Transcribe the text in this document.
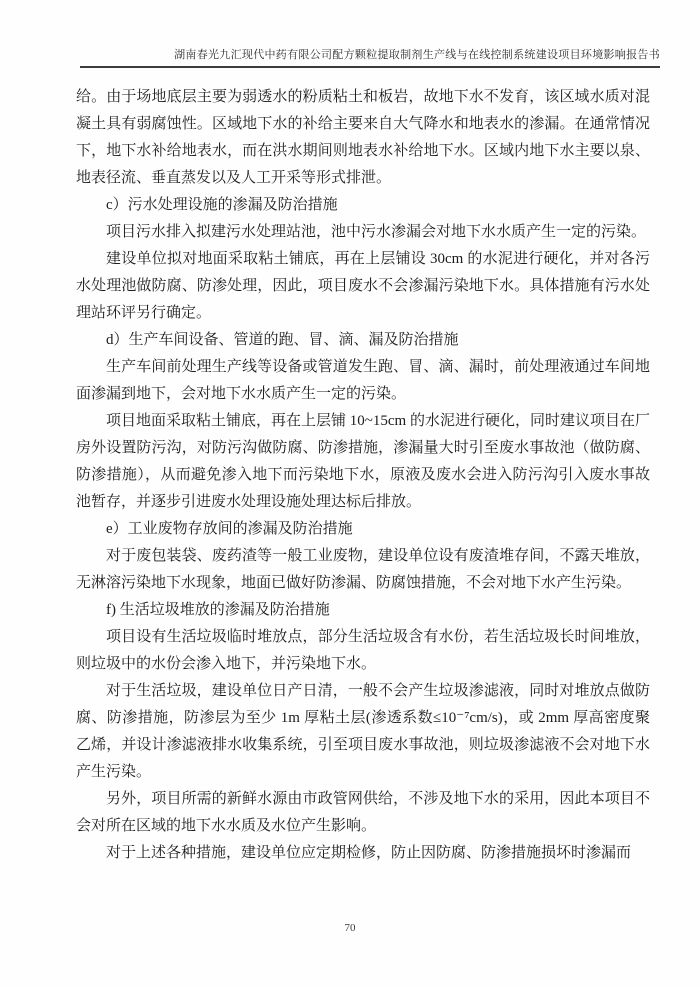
湖南春光九汇现代中药有限公司配方颗粒提取制剂生产线与在线控制系统建设项目环境影响报告书

给。由于场地底层主要为弱透水的粉质粘土和板岩，故地下水不发育，该区域水质对混凝土具有弱腐蚀性。区域地下水的补给主要来自大气降水和地表水的渗漏。在通常情况下，地下水补给地表水，而在洪水期间则地表水补给地下水。区域内地下水主要以泉、地表径流、垂直蒸发以及人工开采等形式排泄。

c）污水处理设施的渗漏及防治措施

项目污水排入拟建污水处理站池，池中污水渗漏会对地下水水质产生一定的污染。

建设单位拟对地面采取粘土铺底，再在上层铺设 30cm 的水泥进行硬化，并对各污水处理池做防腐、防渗处理，因此，项目废水不会渗漏污染地下水。具体措施有污水处理站环评另行确定。

d）生产车间设备、管道的跑、冒、滴、漏及防治措施

生产车间前处理生产线等设备或管道发生跑、冒、滴、漏时，前处理液通过车间地面渗漏到地下，会对地下水水质产生一定的污染。

项目地面采取粘土铺底，再在上层铺 10~15cm 的水泥进行硬化，同时建议项目在厂房外设置防污沟，对防污沟做防腐、防渗措施，渗漏量大时引至废水事故池（做防腐、防渗措施），从而避免渗入地下而污染地下水，原液及废水会进入防污沟引入废水事故池暂存，并逐步引进废水处理设施处理达标后排放。

e）工业废物存放间的渗漏及防治措施

对于废包装袋、废药渣等一般工业废物，建设单位设有废渣堆存间，不露天堆放，无淋溶污染地下水现象，地面已做好防渗漏、防腐蚀措施，不会对地下水产生污染。

f) 生活垃圾堆放的渗漏及防治措施

项目设有生活垃圾临时堆放点，部分生活垃圾含有水份，若生活垃圾长时间堆放，则垃圾中的水份会渗入地下，并污染地下水。

对于生活垃圾，建设单位日产日清，一般不会产生垃圾渗滤液，同时对堆放点做防腐、防渗措施，防渗层为至少 1m 厚粘土层(渗透系数≤10⁻⁷cm/s)，或 2mm 厚高密度聚乙烯，并设计渗滤液排水收集系统，引至项目废水事故池，则垃圾渗滤液不会对地下水产生污染。

另外，项目所需的新鲜水源由市政管网供给，不涉及地下水的采用，因此本项目不会对所在区域的地下水水质及水位产生影响。

对于上述各种措施，建设单位应定期检修，防止因防腐、防渗措施损坏时渗漏而

70
